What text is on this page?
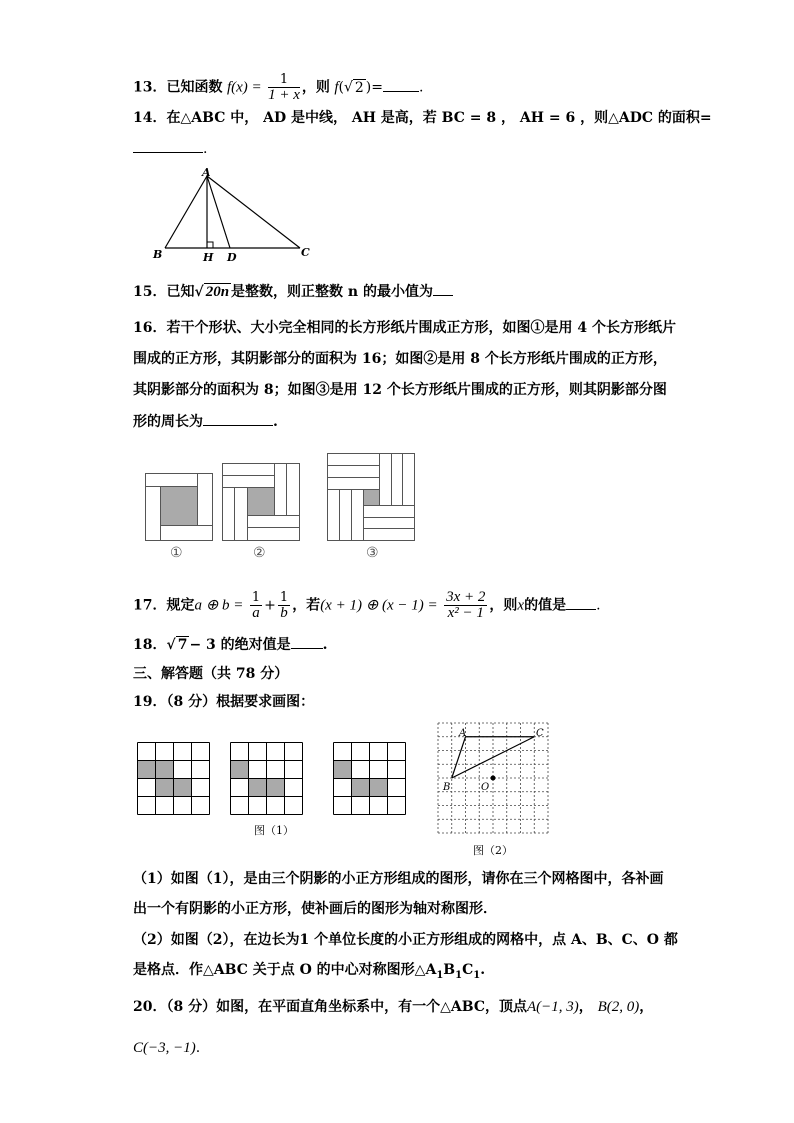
13．已知函数 $f(x) = \frac{1}{1 + x}$ ，则 f(√ 2 )=	.
14．在△ABC 中， AD 是中线， AH 是高，若 BC = 8 ， AH = 6 ，则△ADC 的面积=
.
A
B	C
H D
15．已知√ 20n 是整数，则正整数 n 的最小值为
16．若干个形状、大小完全相同的长方形纸片围成正方形，如图①是用 4 个长方形纸片
围成的正方形，其阴影部分的面积为 16；如图②是用 8 个长方形纸片围成的正方形，
其阴影部分的面积为 8；如图③是用 12 个长方形纸片围成的正方形，则其阴影部分图
形的周长为	.
①	②	③
17．规定a ⊕ $b = \frac{1}{a} + \frac{1}{b}$ ，若(x + 1) ⊕ $(x - 1) = \frac{3x + 2}{\text{x² − 1}}$ ，则x的值是 .
18．√ 7 − 3 的绝对值是 .
三、解答题（共 78 分）
19．（8 分）根据要求画图：
图（1）
A	C
B	O
图（2）
（1）如图（1），是由三个阴影的小正方形组成的图形，请你在三个网格图中，各补画
出一个有阴影的小正方形，使补画后的图形为轴对称图形．
（2）如图（2），在边长为1 个单位长度的小正方形组成的网格中，点 A、B、C、O 都
是格点．作△ABC 关于点 O 的中心对称图形$\triangle A_1B_1C_1$.
20．（8 分）如图，在平面直角坐标系中，有一个△ABC，顶点A(−1, 3)， B(2, 0)，
C(−3, −1).
